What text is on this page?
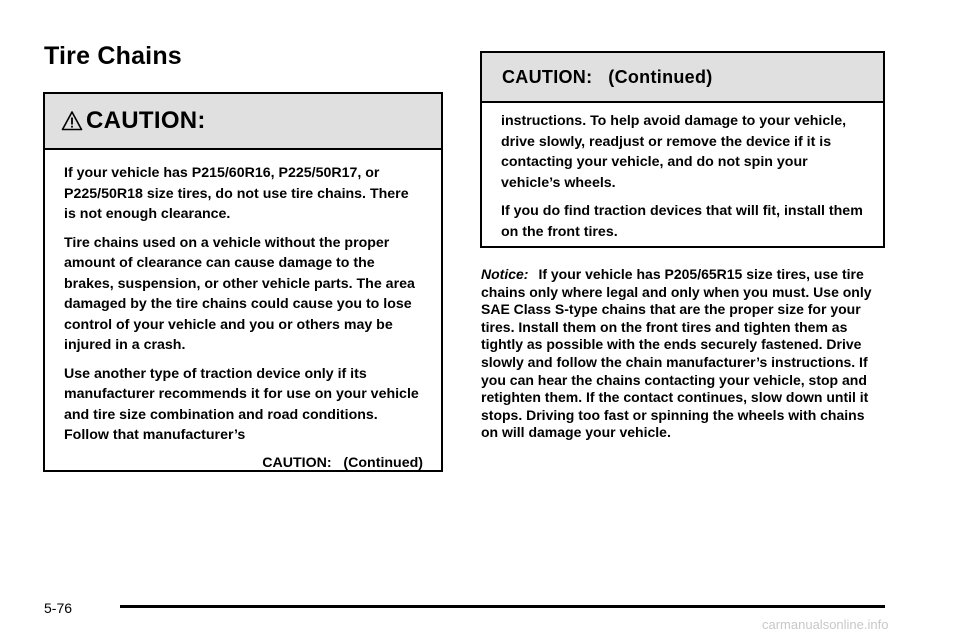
Tire Chains
CAUTION:

If your vehicle has P215/60R16, P225/50R17, or P225/50R18 size tires, do not use tire chains. There is not enough clearance.

Tire chains used on a vehicle without the proper amount of clearance can cause damage to the brakes, suspension, or other vehicle parts. The area damaged by the tire chains could cause you to lose control of your vehicle and you or others may be injured in a crash.

Use another type of traction device only if its manufacturer recommends it for use on your vehicle and tire size combination and road conditions. Follow that manufacturer’s

CAUTION:   (Continued)
CAUTION:   (Continued)

instructions. To help avoid damage to your vehicle, drive slowly, readjust or remove the device if it is contacting your vehicle, and do not spin your vehicle’s wheels.

If you do find traction devices that will fit, install them on the front tires.

Notice: If your vehicle has P205/65R15 size tires, use tire chains only where legal and only when you must. Use only SAE Class S-type chains that are the proper size for your tires. Install them on the front tires and tighten them as tightly as possible with the ends securely fastened. Drive slowly and follow the chain manufacturer’s instructions. If you can hear the chains contacting your vehicle, stop and retighten them. If the contact continues, slow down until it stops. Driving too fast or spinning the wheels with chains on will damage your vehicle.

5-76
carmanualsonline.info
